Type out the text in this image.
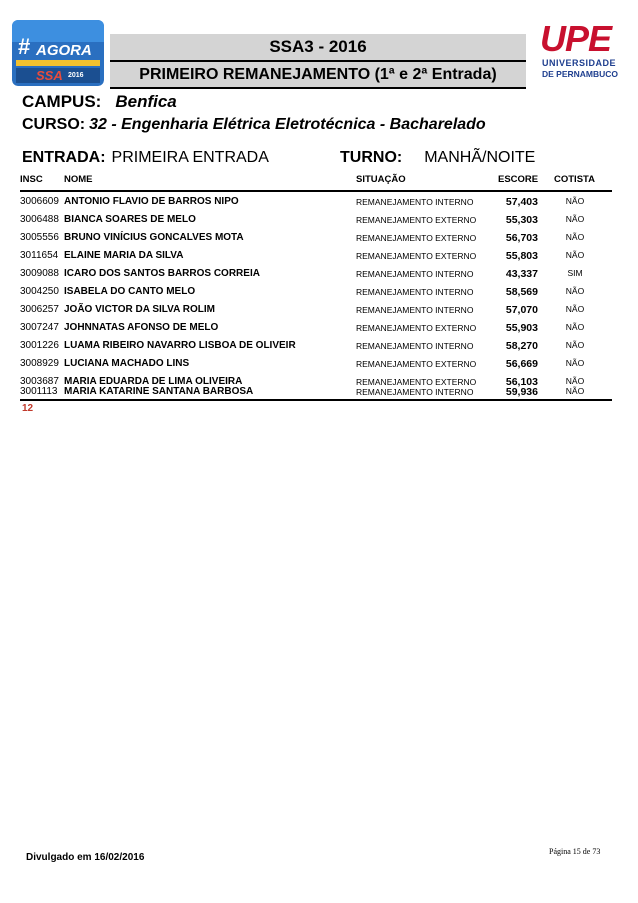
# AGORA
SSA 2016
SSA3 - 2016
PRIMEIRO REMANEJAMENTO (1ª e 2ª Entrada)
UPE
UNIVERSIDADE
DE PERNAMBUCO
CAMPUS: Benfica
CURSO: 32 - Engenharia Elétrica Eletrotécnica - Bacharelado
ENTRADA: PRIMEIRA ENTRADA	TURNO: MANHÃ/NOITE
INSC NOME	SITUAÇÃO	ESCORE COTISTA
3006609 ANTONIO FLAVIO DE BARROS NIPO	REMANEJAMENTO INTERNO	57,403	NÃO
3006488 BIANCA SOARES DE MELO	REMANEJAMENTO EXTERNO	55,303	NÃO
3005556 BRUNO VINÍCIUS GONCALVES MOTA	REMANEJAMENTO EXTERNO	56,703	NÃO
3011654 ELAINE MARIA DA SILVA	REMANEJAMENTO EXTERNO	55,803	NÃO
3009088 ICARO DOS SANTOS BARROS CORREIA	REMANEJAMENTO INTERNO	43,337	SIM
3004250 ISABELA DO CANTO MELO	REMANEJAMENTO INTERNO	58,569	NÃO
3006257 JOÃO VICTOR DA SILVA ROLIM	REMANEJAMENTO INTERNO	57,070	NÃO
3007247 JOHNNATAS AFONSO DE MELO	REMANEJAMENTO EXTERNO	55,903	NÃO
3001226 LUAMA RIBEIRO NAVARRO LISBOA DE OLIVEIR	REMANEJAMENTO INTERNO	58,270	NÃO
3008929 LUCIANA MACHADO LINS	REMANEJAMENTO EXTERNO	56,669	NÃO
3003687 MARIA EDUARDA DE LIMA OLIVEIRA	REMANEJAMENTO EXTERNO	56,103	NÃO
3001113 MARIA KATARINE SANTANA BARBOSA	REMANEJAMENTO INTERNO	59,936	NÃO
12
Divulgado em 16/02/2016
Página 15 de 73
